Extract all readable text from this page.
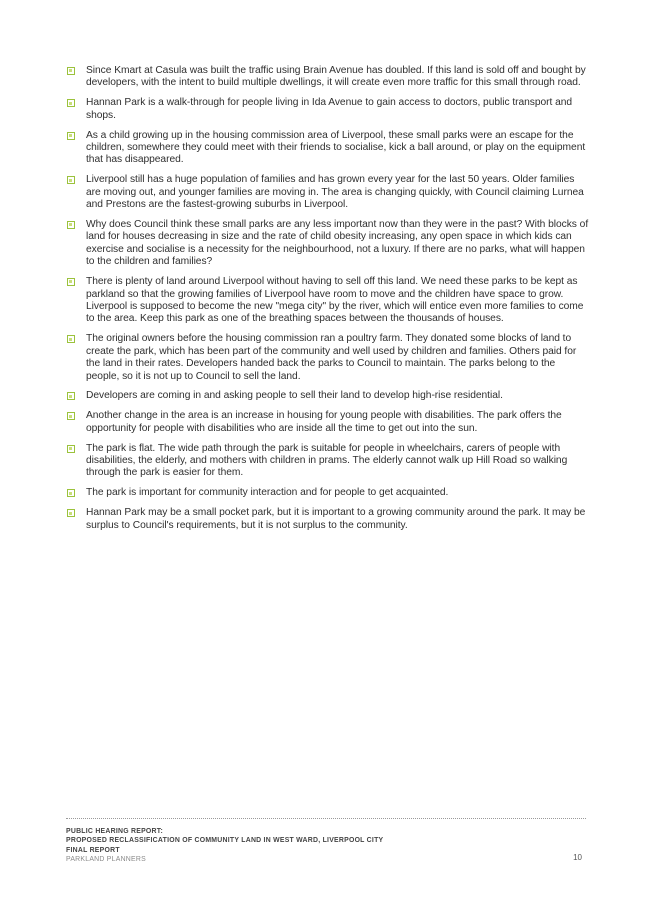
Since Kmart at Casula was built the traffic using Brain Avenue has doubled. If this land is sold off and bought by developers, with the intent to build multiple dwellings, it will create even more traffic for this small through road.
Hannan Park is a walk-through for people living in Ida Avenue to gain access to doctors, public transport and shops.
As a child growing up in the housing commission area of Liverpool, these small parks were an escape for the children, somewhere they could meet with their friends to socialise, kick a ball around, or play on the equipment that has disappeared.
Liverpool still has a huge population of families and has grown every year for the last 50 years. Older families are moving out, and younger families are moving in. The area is changing quickly, with Council claiming Lurnea and Prestons are the fastest-growing suburbs in Liverpool.
Why does Council think these small parks are any less important now than they were in the past? With blocks of land for houses decreasing in size and the rate of child obesity increasing, any open space in which kids can exercise and socialise is a necessity for the neighbourhood, not a luxury. If there are no parks, what will happen to the children and families?
There is plenty of land around Liverpool without having to sell off this land. We need these parks to be kept as parkland so that the growing families of Liverpool have room to move and the children have space to grow. Liverpool is supposed to become the new "mega city" by the river, which will entice even more families to come to the area. Keep this park as one of the breathing spaces between the thousands of houses.
The original owners before the housing commission ran a poultry farm. They donated some blocks of land to create the park, which has been part of the community and well used by children and families. Others paid for the land in their rates. Developers handed back the parks to Council to maintain. The parks belong to the people, so it is not up to Council to sell the land.
Developers are coming in and asking people to sell their land to develop high-rise residential.
Another change in the area is an increase in housing for young people with disabilities. The park offers the opportunity for people with disabilities who are inside all the time to get out into the sun.
The park is flat. The wide path through the park is suitable for people in wheelchairs, carers of people with disabilities, the elderly, and mothers with children in prams. The elderly cannot walk up Hill Road so walking through the park is easier for them.
The park is important for community interaction and for people to get acquainted.
Hannan Park may be a small pocket park, but it is important to a growing community around the park. It may be surplus to Council's requirements, but it is not surplus to the community.
PUBLIC HEARING REPORT:
PROPOSED RECLASSIFICATION OF COMMUNITY LAND IN WEST WARD, LIVERPOOL CITY
FINAL REPORT
PARKLAND PLANNERS	10
